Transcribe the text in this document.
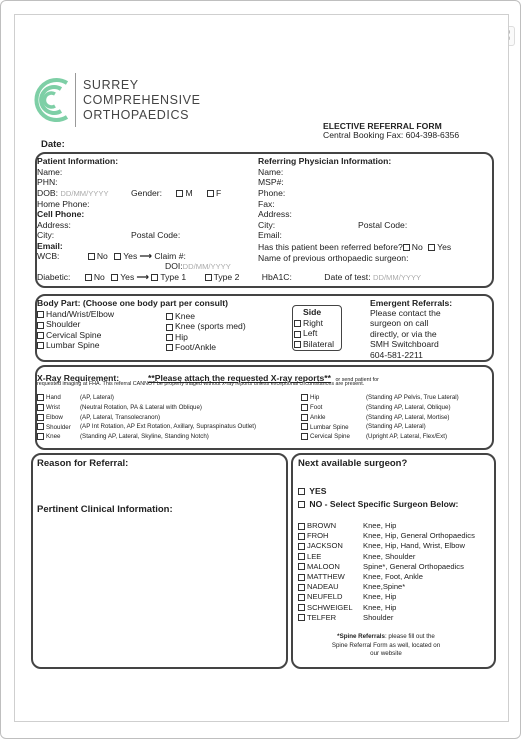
SURREY
COMPREHENSIVE
ORTHOPAEDICS
ELECTIVE REFERRAL FORM
Central Booking Fax: 604-398-6356
Date:
Patient Information:
Name:
PHN:
DOB: DD/MM/YYYY	Gender:	M	F
Home Phone:
Cell Phone:
Address:
City:	Postal Code:
Email:
WCB:	No Yes ⟶ Claim #:
DOI:DD/MM/YYYY
Diabetic:	No Yes ⟶ Type 1	Type 2	HbA1C:	Date of test: DD/MM/YYYY
Referring Physician Information:
Name:
MSP#:
Phone:
Fax:
Address:
City:	Postal Code:
Email:
Has this patient been referred before? No Yes
Name of previous orthopaedic surgeon:
Body Part: (Choose one body part per consult)
Hand/Wrist/Elbow
Shoulder
Cervical Spine
Lumbar Spine
Knee
Knee (sports med)
Hip
Foot/Ankle
Side
Right
Left
Bilateral
Emergent Referrals:
Please contact the
surgeon on call
directly, or via the
SMH Switchboard
604-581-2211
X-Ray Requirement:	**Please attach the requested X-ray reports** or send patient for
requested imaging at FHA. This referral CANNOT be properly triaged without x-ray reports unless exceptional circumstances are present.
Hand	(AP, Lateral)
Wrist	(Neutral Rotation, PA & Lateral with Oblique)
Elbow	(AP, Lateral, Transolecranon)
Shoulder (AP Int Rotation, AP Ext Rotation, Axillary, Supraspinatus Outlet)
Knee	(Standing AP, Lateral, Skyline, Standing Notch)
Hip	(Standing AP Pelvis, True Lateral)
Foot	(Standing AP, Lateral, Oblique)
Ankle	(Standing AP, Lateral, Mortise)
Lumbar Spine	(Standing AP, Lateral)
Cervical Spine	(Upright AP, Lateral, Flex/Ext)
Reason for Referral:
Pertinent Clinical Information:
Next available surgeon?
YES
NO - Select Specific Surgeon Below:
BROWN	Knee, Hip
FROH	Knee, Hip, General Orthopaedics
JACKSON	Knee, Hip, Hand, Wrist, Elbow
LEE	Knee, Shoulder
MALOON	Spine*, General Orthopaedics
MATTHEW Knee, Foot, Ankle
NADEAU	Knee,Spine*
NEUFELD	Knee, Hip
SCHWEIGEL Knee, Hip
TELFER	Shoulder
*Spine Referrals: please fill out the
Spine Referral Form as well, located on
our website
